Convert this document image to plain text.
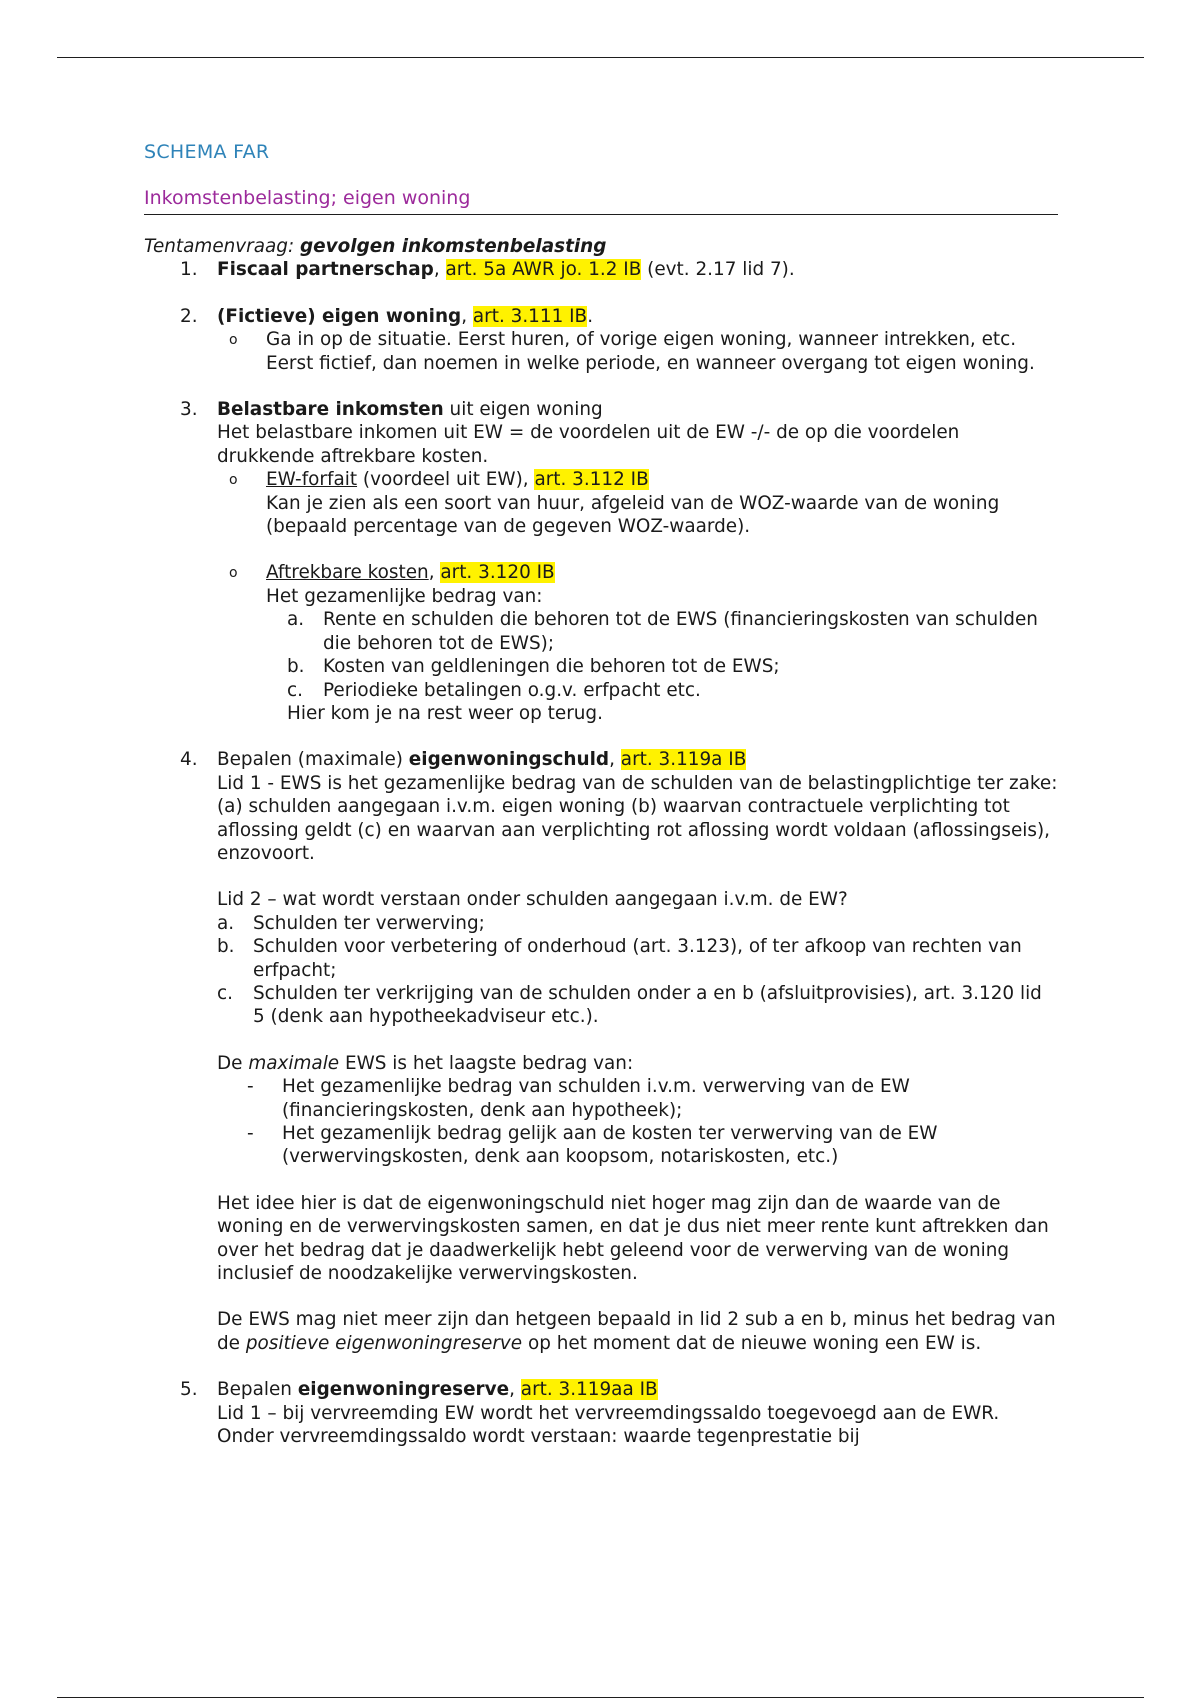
SCHEMA FAR
Inkomstenbelasting; eigen woning
Tentamenvraag: gevolgen inkomstenbelasting
1. Fiscaal partnerschap, art. 5a AWR jo. 1.2 IB (evt. 2.17 lid 7).
2. (Fictieve) eigen woning, art. 3.111 IB.
o Ga in op de situatie. Eerst huren, of vorige eigen woning, wanneer intrekken, etc. Eerst fictief, dan noemen in welke periode, en wanneer overgang tot eigen woning.
3. Belastbare inkomsten uit eigen woning
Het belastbare inkomen uit EW = de voordelen uit de EW -/- de op die voordelen drukkende aftrekbare kosten.
o EW-forfait (voordeel uit EW), art. 3.112 IB
Kan je zien als een soort van huur, afgeleid van de WOZ-waarde van de woning (bepaald percentage van de gegeven WOZ-waarde).
o Aftrekbare kosten, art. 3.120 IB
Het gezamenlijke bedrag van:
a. Rente en schulden die behoren tot de EWS (financieringskosten van schulden die behoren tot de EWS);
b. Kosten van geldleningen die behoren tot de EWS;
c. Periodieke betalingen o.g.v. erfpacht etc.
Hier kom je na rest weer op terug.
4. Bepalen (maximale) eigenwoningschuld, art. 3.119a IB
Lid 1 - EWS is het gezamenlijke bedrag van de schulden van de belastingplichtige ter zake: (a) schulden aangegaan i.v.m. eigen woning (b) waarvan contractuele verplichting tot aflossing geldt (c) en waarvan aan verplichting rot aflossing wordt voldaan (aflossingseis), enzovoort.
Lid 2 – wat wordt verstaan onder schulden aangegaan i.v.m. de EW?
a. Schulden ter verwerving;
b. Schulden voor verbetering of onderhoud (art. 3.123), of ter afkoop van rechten van erfpacht;
c. Schulden ter verkrijging van de schulden onder a en b (afsluitprovisies), art. 3.120 lid 5 (denk aan hypotheekadviseur etc.).
De maximale EWS is het laagste bedrag van:
- Het gezamenlijke bedrag van schulden i.v.m. verwerving van de EW (financieringskosten, denk aan hypotheek);
- Het gezamenlijk bedrag gelijk aan de kosten ter verwerving van de EW (verwervingskosten, denk aan koopsom, notariskosten, etc.)
Het idee hier is dat de eigenwoningschuld niet hoger mag zijn dan de waarde van de woning en de verwervingskosten samen, en dat je dus niet meer rente kunt aftrekken dan over het bedrag dat je daadwerkelijk hebt geleend voor de verwerving van de woning inclusief de noodzakelijke verwervingskosten.
De EWS mag niet meer zijn dan hetgeen bepaald in lid 2 sub a en b, minus het bedrag van de positieve eigenwoningreserve op het moment dat de nieuwe woning een EW is.
5. Bepalen eigenwoningreserve, art. 3.119aa IB
Lid 1 – bij vervreemding EW wordt het vervreemdingssaldo toegevoegd aan de EWR. Onder vervreemdingssaldo wordt verstaan: waarde tegenprestatie bij
